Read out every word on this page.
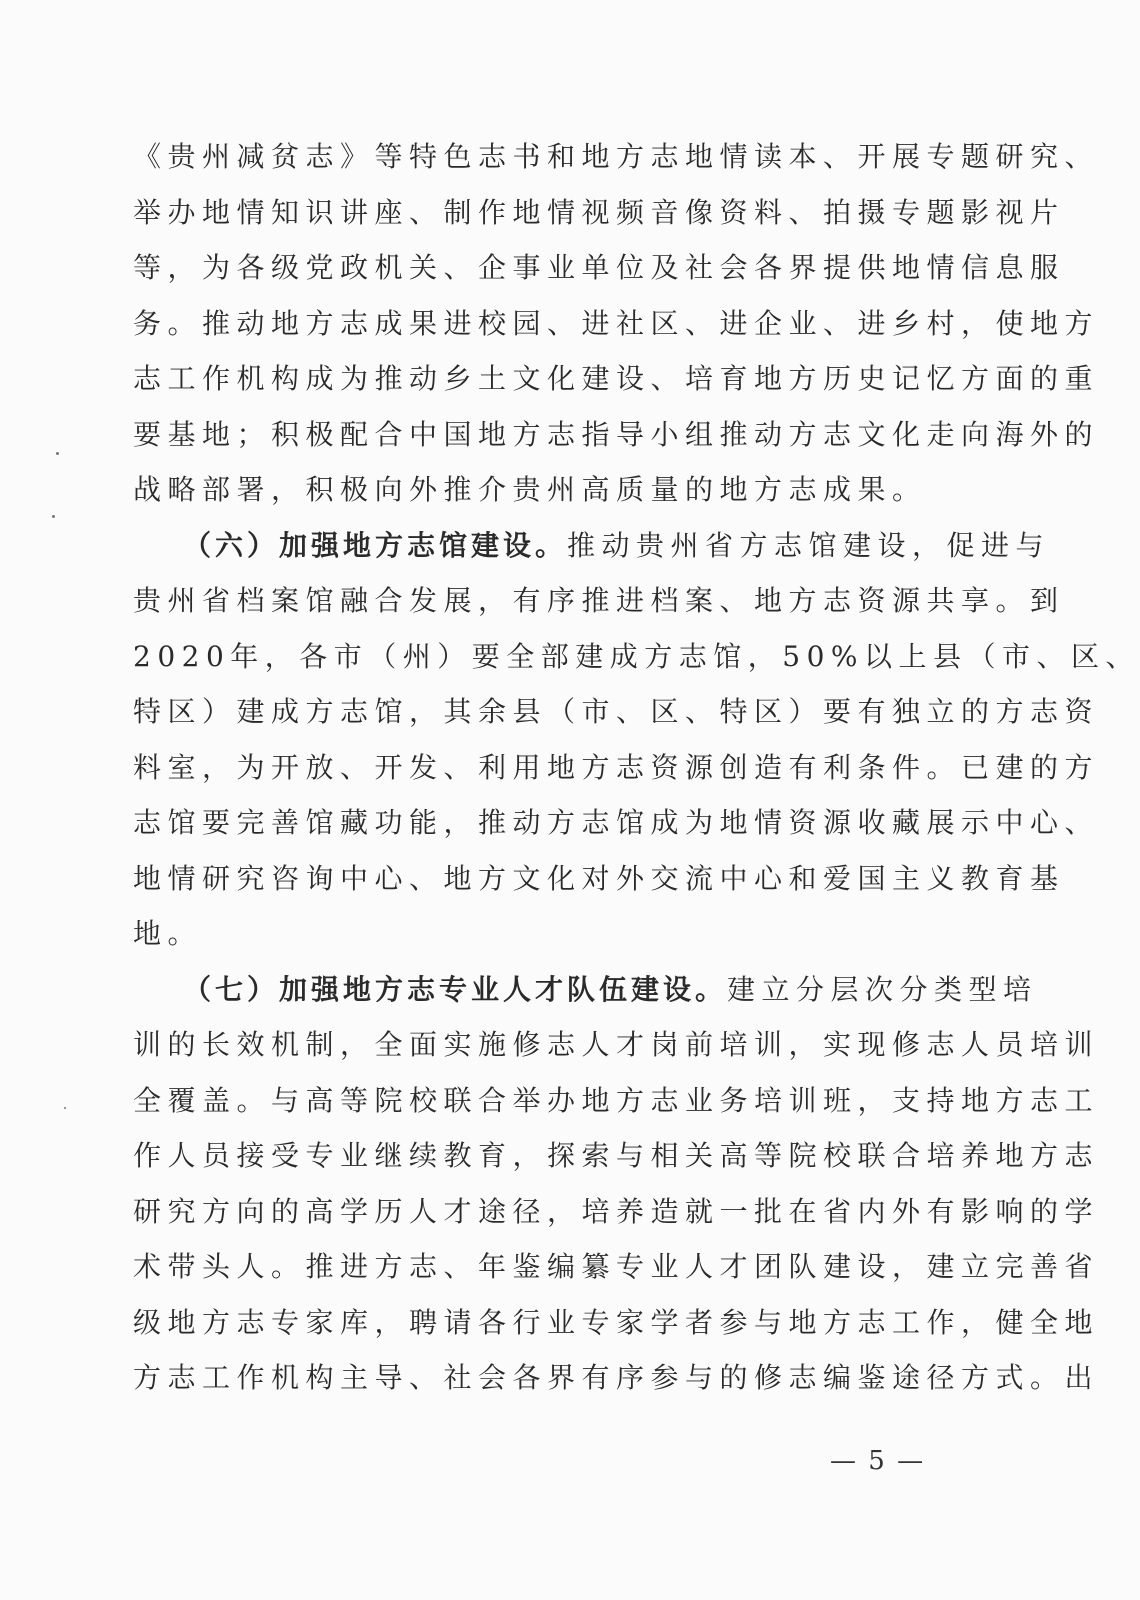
《贵州减贫志》等特色志书和地方志地情读本、开展专题研究、
举办地情知识讲座、制作地情视频音像资料、拍摄专题影视片
等，为各级党政机关、企事业单位及社会各界提供地情信息服
务。推动地方志成果进校园、进社区、进企业、进乡村，使地方
志工作机构成为推动乡土文化建设、培育地方历史记忆方面的重
要基地；积极配合中国地方志指导小组推动方志文化走向海外的
战略部署，积极向外推介贵州高质量的地方志成果。
（六）加强地方志馆建设。推动贵州省方志馆建设，促进与
贵州省档案馆融合发展，有序推进档案、地方志资源共享。到
2020年，各市（州）要全部建成方志馆，50%以上县（市、区、
特区）建成方志馆，其余县（市、区、特区）要有独立的方志资
料室，为开放、开发、利用地方志资源创造有利条件。已建的方
志馆要完善馆藏功能，推动方志馆成为地情资源收藏展示中心、
地情研究咨询中心、地方文化对外交流中心和爱国主义教育基
地。
（七）加强地方志专业人才队伍建设。建立分层次分类型培
训的长效机制，全面实施修志人才岗前培训，实现修志人员培训
全覆盖。与高等院校联合举办地方志业务培训班，支持地方志工
作人员接受专业继续教育，探索与相关高等院校联合培养地方志
研究方向的高学历人才途径，培养造就一批在省内外有影响的学
术带头人。推进方志、年鉴编纂专业人才团队建设，建立完善省
级地方志专家库，聘请各行业专家学者参与地方志工作，健全地
方志工作机构主导、社会各界有序参与的修志编鉴途径方式。出
— 5 —
